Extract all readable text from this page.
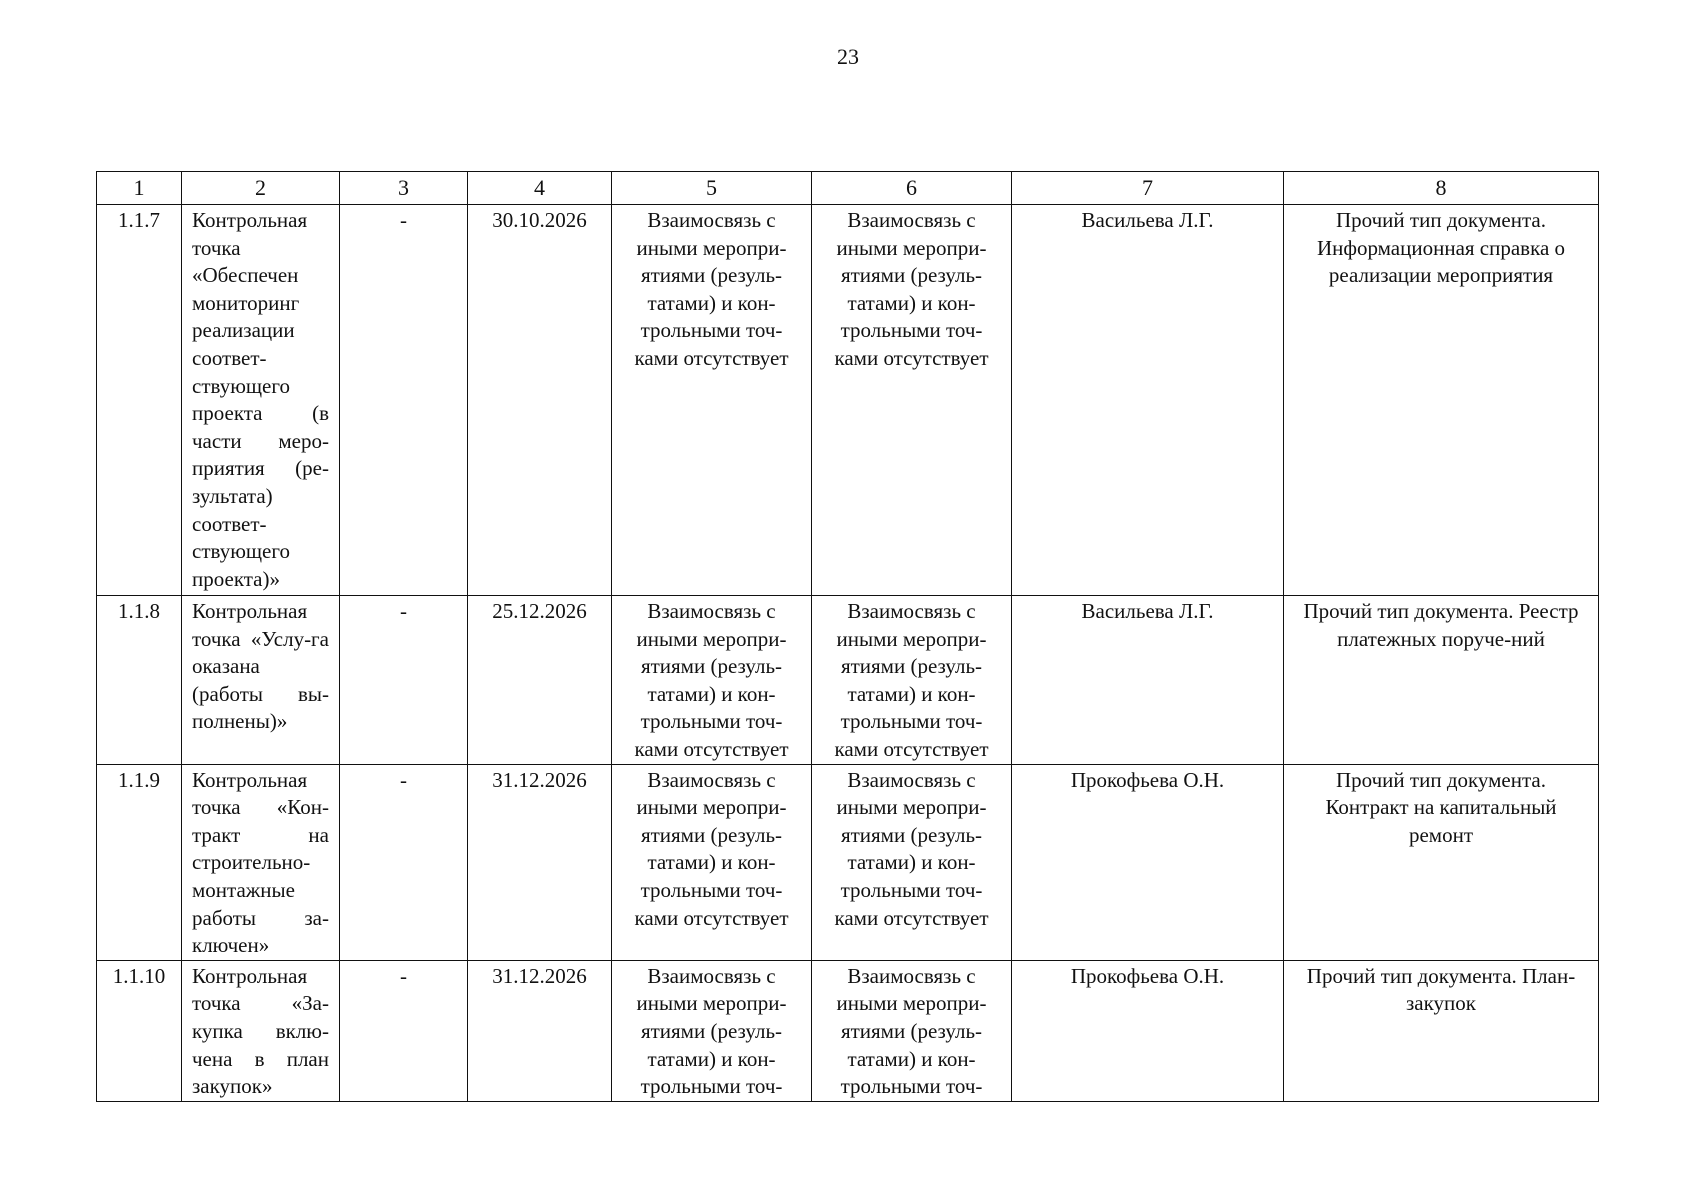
23
1	2	3	4	5	6	7	8

1.1.7	Контрольная точка «Обеспечен мониторинг реализации соответ-ствующего проекта (в части меро-приятия (ре-зультата) соответ-ствующего проекта)»	-	30.10.2026	Взаимосвязь с иными меропри-ятиями (резуль-татами) и кон-трольными точ-ками отсутствует	Взаимосвязь с иными меропри-ятиями (резуль-татами) и кон-трольными точ-ками отсутствует	Васильева Л.Г.	Прочий тип документа. Информационная справка о реализации мероприятия

1.1.8	Контрольная точка «Услу-га оказана (работы вы-полнены)»	-	25.12.2026	Взаимосвязь с иными меропри-ятиями (резуль-татами) и кон-трольными точ-ками отсутствует	Взаимосвязь с иными меропри-ятиями (резуль-татами) и кон-трольными точ-ками отсутствует	Васильева Л.Г.	Прочий тип документа. Реестр платежных поруче-ний

1.1.9	Контрольная точка «Кон-тракт на строительно-монтажные работы за-ключен»	-	31.12.2026	Взаимосвязь с иными меропри-ятиями (резуль-татами) и кон-трольными точ-ками отсутствует	Взаимосвязь с иными меропри-ятиями (резуль-татами) и кон-трольными точ-ками отсутствует	Прокофьева О.Н.	Прочий тип документа. Контракт на капитальный ремонт

1.1.10	Контрольная точка «За-купка вклю-чена в план закупок»	-	31.12.2026	Взаимосвязь с иными меропри-ятиями (резуль-татами) и кон-трольными точ-	Взаимосвязь с иными меропри-ятиями (резуль-татами) и кон-трольными точ-	Прокофьева О.Н.	Прочий тип документа. План-закупок
